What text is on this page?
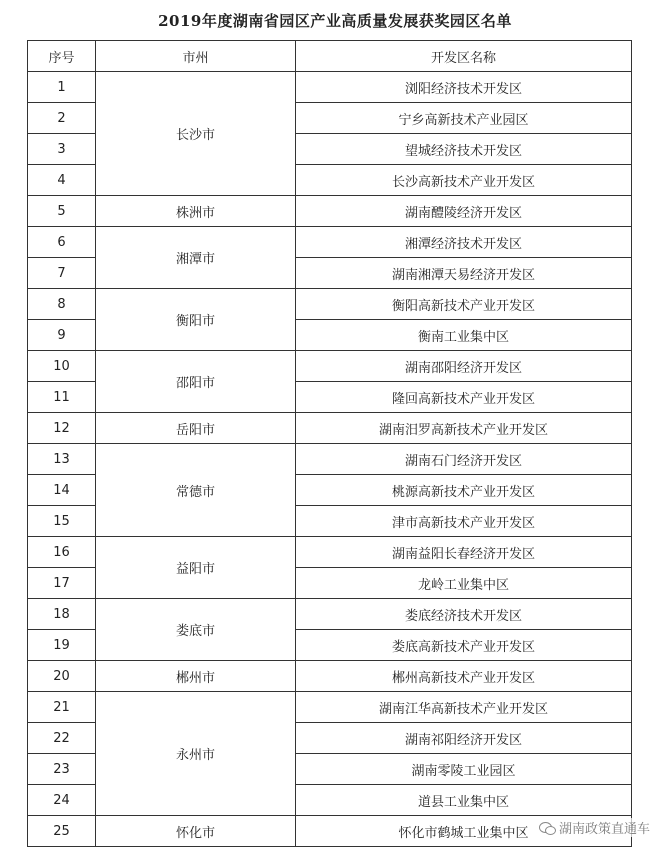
2019年度湖南省园区产业高质量发展获奖园区名单
序号	市州	开发区名称
1	长沙市	浏阳经济技术开发区
2		宁乡高新技术产业园区
3		望城经济技术开发区
4		长沙高新技术产业开发区
5	株洲市	湖南醴陵经济开发区
6	湘潭市	湘潭经济技术开发区
7		湖南湘潭天易经济开发区
8	衡阳市	衡阳高新技术产业开发区
9		衡南工业集中区
10	邵阳市	湖南邵阳经济开发区
11		隆回高新技术产业开发区
12	岳阳市	湖南汨罗高新技术产业开发区
13	常德市	湖南石门经济开发区
14		桃源高新技术产业开发区
15		津市高新技术产业开发区
16	益阳市	湖南益阳长春经济开发区
17		龙岭工业集中区
18	娄底市	娄底经济技术开发区
19		娄底高新技术产业开发区
20	郴州市	郴州高新技术产业开发区
21	永州市	湖南江华高新技术产业开发区
22		湖南祁阳经济开发区
23		湖南零陵工业园区
24		道县工业集中区
25	怀化市	怀化市鹤城工业集中区 湖南政策直通车
